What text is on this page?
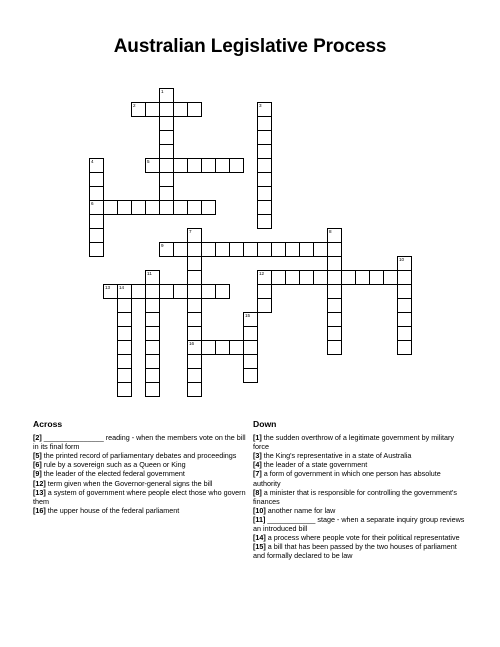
Australian Legislative Process
1
2	3
5
4
6
7
16
8
9
10
11	12
13 14
15
Across

[2] _______________ reading - when the members vote on the bill in its final form

[5] the printed record of parliamentary debates and proceedings

[6] rule by a sovereign such as a Queen or King

[9] the leader of the elected federal government

[12] term given when the Governor-general signs the bill

[13] a system of government where people elect those who govern them

[16] the upper house of the federal parliament

Down

[1] the sudden overthrow of a legitimate government by military force

[3] the King's representative in a state of Australia

[4] the leader of a state government

[7] a form of government in which one person has absolute authority

[8] a minister that is responsible for controlling the government's finances

[10] another name for law

[11] ____________ stage - when a separate inquiry group reviews an introduced bill

[14] a process where people vote for their political representative

[15] a bill that has been passed by the two houses of parliament and formally declared to be law
